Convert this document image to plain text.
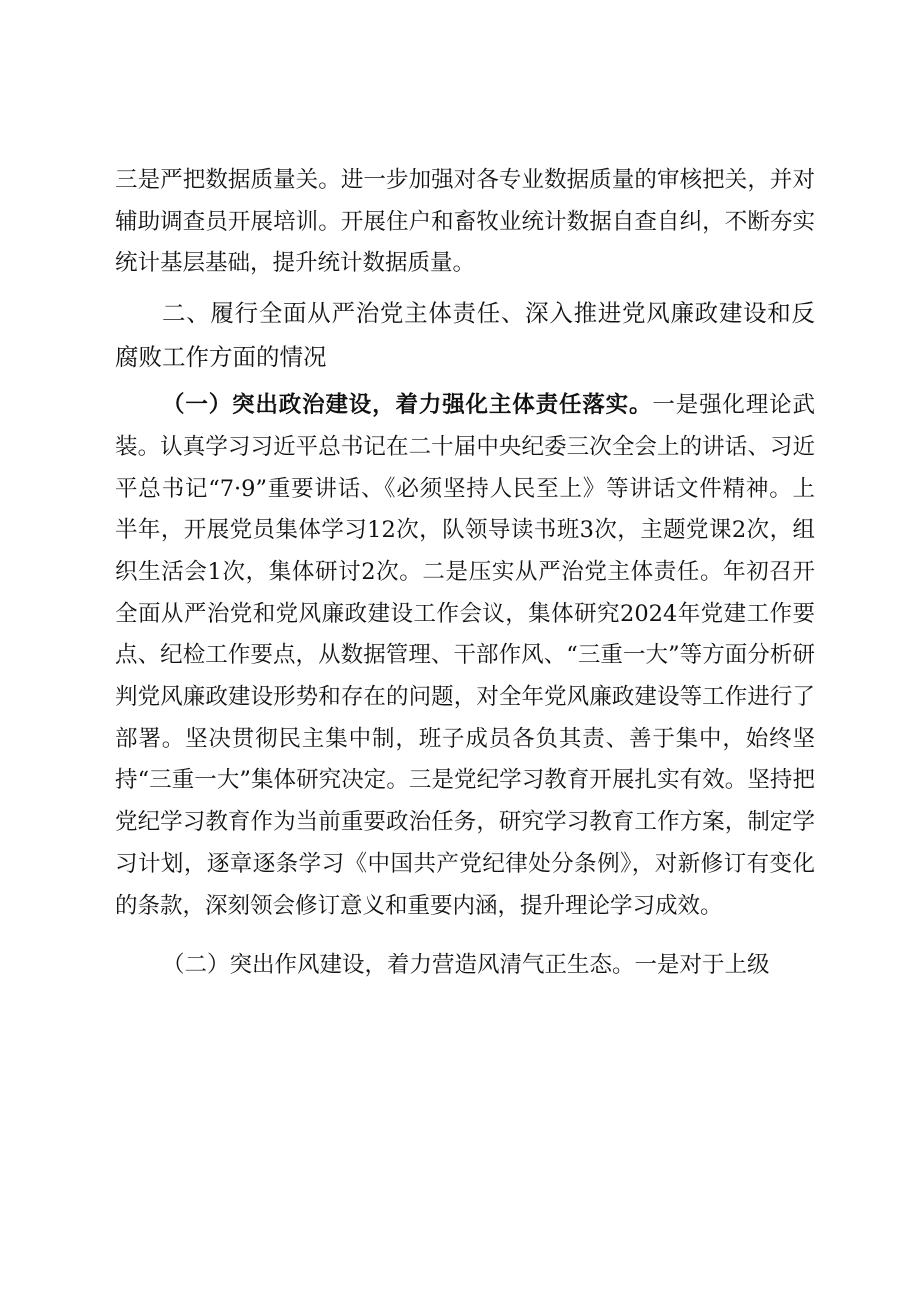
三是严把数据质量关。进一步加强对各专业数据质量的审核把关，并对辅助调查员开展培训。开展住户和畜牧业统计数据自查自纠，不断夯实统计基层基础，提升统计数据质量。

二、履行全面从严治党主体责任、深入推进党风廉政建设和反腐败工作方面的情况

（一）突出政治建设，着力强化主体责任落实。一是强化理论武装。认真学习习近平总书记在二十届中央纪委三次全会上的讲话、习近平总书记“7·9”重要讲话、《必须坚持人民至上》等讲话文件精神。上半年，开展党员集体学习12次，队领导读书班3次，主题党课2次，组织生活会1次，集体研讨2次。二是压实从严治党主体责任。年初召开全面从严治党和党风廉政建设工作会议，集体研究2024年党建工作要点、纪检工作要点，从数据管理、干部作风、“三重一大”等方面分析研判党风廉政建设形势和存在的问题，对全年党风廉政建设等工作进行了部署。坚决贯彻民主集中制，班子成员各负其责、善于集中，始终坚持“三重一大”集体研究决定。三是党纪学习教育开展扎实有效。坚持把党纪学习教育作为当前重要政治任务，研究学习教育工作方案，制定学习计划，逐章逐条学习《中国共产党纪律处分条例》，对新修订有变化的条款，深刻领会修订意义和重要内涵，提升理论学习成效。

（二）突出作风建设，着力营造风清气正生态。一是对于上级
